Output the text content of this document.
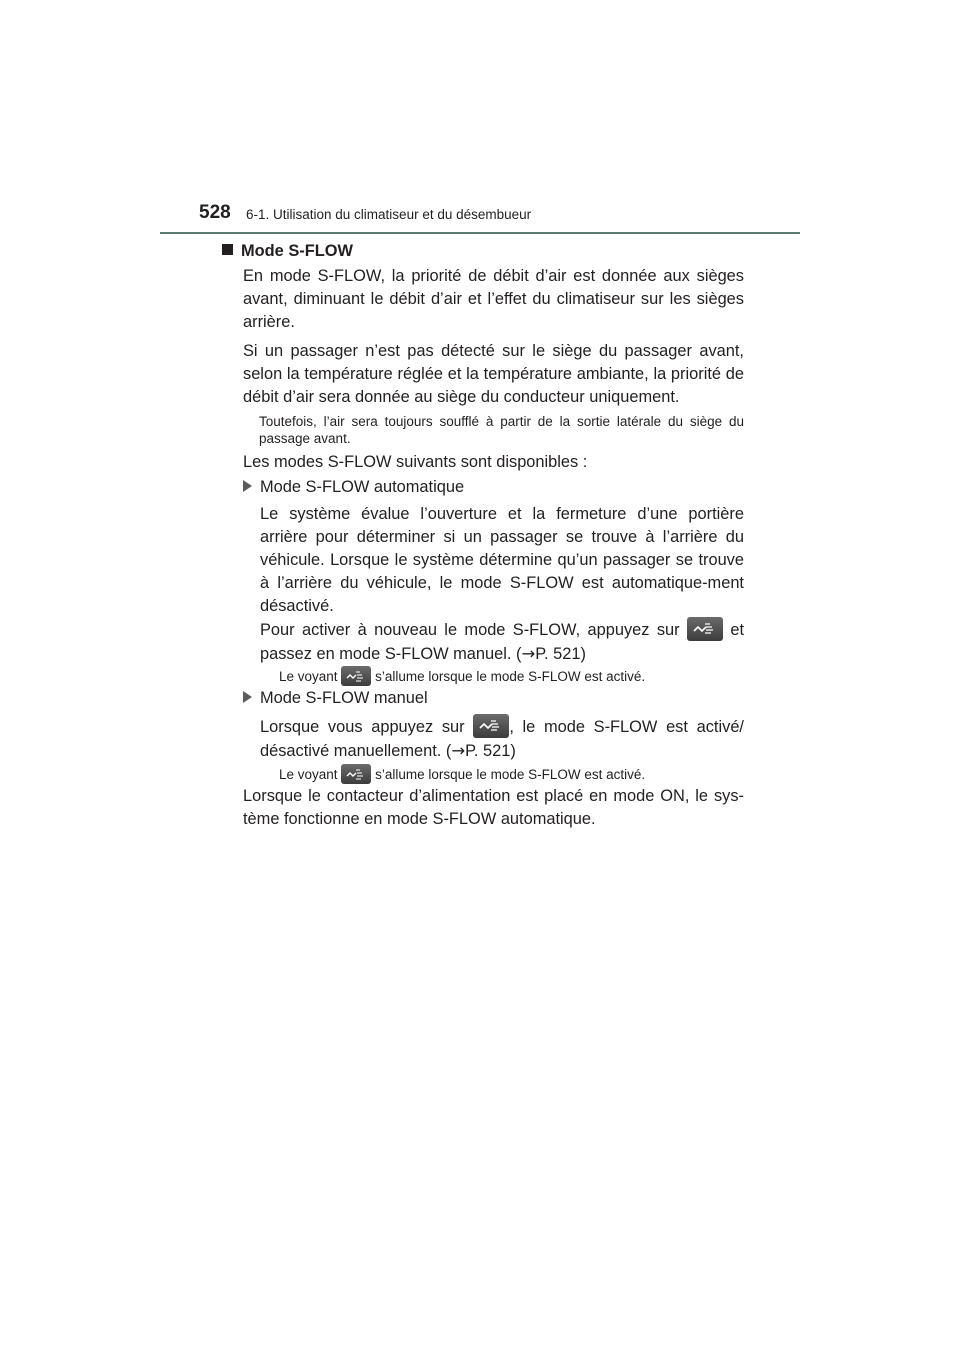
528 6-1. Utilisation du climatiseur et du désembueur
Mode S-FLOW
En mode S-FLOW, la priorité de débit d’air est donnée aux sièges avant, diminuant le débit d’air et l’effet du climatiseur sur les sièges arrière.
Si un passager n’est pas détecté sur le siège du passager avant, selon la température réglée et la température ambiante, la priorité de débit d’air sera donnée au siège du conducteur uniquement.
Toutefois, l’air sera toujours soufflé à partir de la sortie latérale du siège du passage avant.
Les modes S-FLOW suivants sont disponibles :
Mode S-FLOW automatique
Le système évalue l’ouverture et la fermeture d’une portière arrière pour déterminer si un passager se trouve à l’arrière du véhicule. Lorsque le système détermine qu’un passager se trouve à l’arrière du véhicule, le mode S-FLOW est automatique-ment désactivé.
Pour activer à nouveau le mode S-FLOW, appuyez sur	et passez en mode S-FLOW manuel. (→P. 521)
Le voyant	s’allume lorsque le mode S-FLOW est activé.
Mode S-FLOW manuel
Lorsque vous appuyez sur	, le mode S-FLOW est activé/ désactivé manuellement. (→P. 521)
Le voyant	s’allume lorsque le mode S-FLOW est activé.
Lorsque le contacteur d’alimentation est placé en mode ON, le sys-tème fonctionne en mode S-FLOW automatique.
